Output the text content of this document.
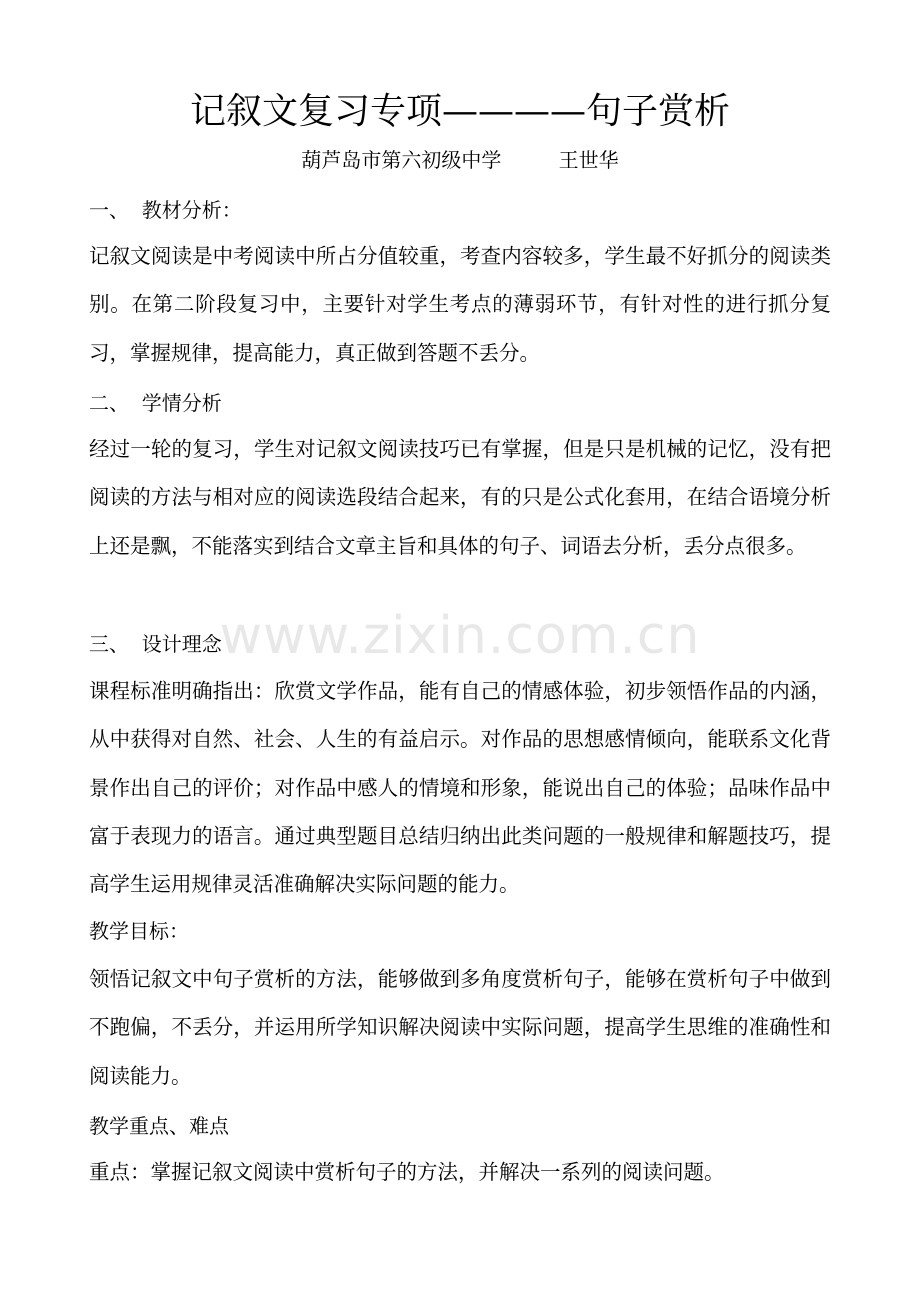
记叙文复习专项————句子赏析
葫芦岛市第六初级中学         王世华
一、  教材分析：
记叙文阅读是中考阅读中所占分值较重，考查内容较多，学生最不好抓分的阅读类别。在第二阶段复习中，主要针对学生考点的薄弱环节，有针对性的进行抓分复习，掌握规律，提高能力，真正做到答题不丢分。
二、  学情分析
经过一轮的复习，学生对记叙文阅读技巧已有掌握，但是只是机械的记忆，没有把阅读的方法与相对应的阅读选段结合起来，有的只是公式化套用，在结合语境分析上还是飘，不能落实到结合文章主旨和具体的句子、词语去分析，丢分点很多。
三、  设计理念
课程标准明确指出：欣赏文学作品，能有自己的情感体验，初步领悟作品的内涵，从中获得对自然、社会、人生的有益启示。对作品的思想感情倾向，能联系文化背景作出自己的评价；对作品中感人的情境和形象，能说出自己的体验；品味作品中富于表现力的语言。通过典型题目总结归纳出此类问题的一般规律和解题技巧，提高学生运用规律灵活准确解决实际问题的能力。
教学目标：
领悟记叙文中句子赏析的方法，能够做到多角度赏析句子，能够在赏析句子中做到不跑偏，不丢分，并运用所学知识解决阅读中实际问题，提高学生思维的准确性和阅读能力。
教学重点、难点
重点：掌握记叙文阅读中赏析句子的方法，并解决一系列的阅读问题。
www.zixin.com.cn
